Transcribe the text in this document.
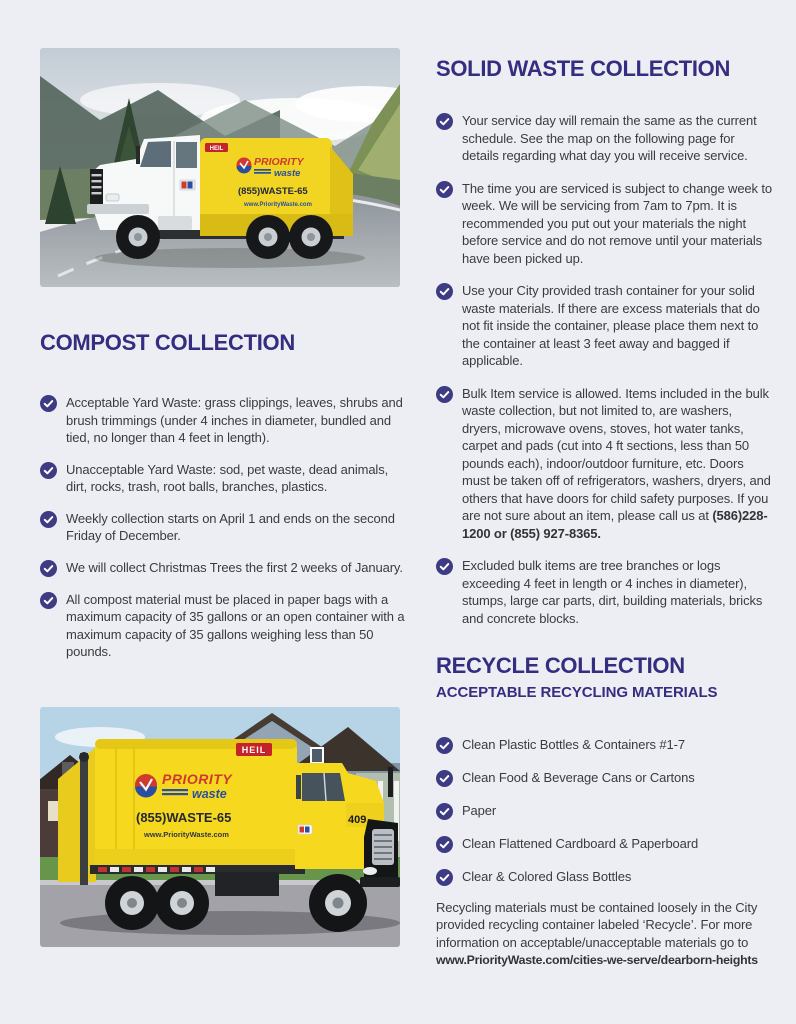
HEIL
PRIORITY
waste
(855)WASTE-65
www.PriorityWaste.com
COMPOST COLLECTION

Acceptable Yard Waste: grass clippings, leaves, shrubs and brush trimmings (under 4 inches in diameter, bundled and tied, no longer than 4 feet in length).

Unacceptable Yard Waste: sod, pet waste, dead animals, dirt, rocks, trash, root balls, branches, plastics.

Weekly collection starts on April 1 and ends on the second Friday of December.

We will collect Christmas Trees the first 2 weeks of January.

All compost material must be placed in paper bags with a maximum capacity of 35 gallons or an open container with a maximum capacity of 35 gallons weighing less than 50 pounds.

HEIL
PRIORITY
waste
(855)WASTE-65
www.PriorityWaste.com
409
SOLID WASTE COLLECTION

Your service day will remain the same as the current schedule. See the map on the following page for details regarding what day you will receive service.

The time you are serviced is subject to change week to week. We will be servicing from 7am to 7pm. It is recommended you put out your materials the night before service and do not remove until your materials have been picked up.

Use your City provided trash container for your solid waste materials. If there are excess materials that do not fit inside the container, please place them next to the container at least 3 feet away and bagged if applicable.

Bulk Item service is allowed. Items included in the bulk waste collection, but not limited to, are washers, dryers, microwave ovens, stoves, hot water tanks, carpet and pads (cut into 4 ft sections, less than 50 pounds each), indoor/outdoor furniture, etc. Doors must be taken off of refrigerators, washers, dryers, and others that have doors for child safety purposes. If you are not sure about an item, please call us at (586)228-1200 or (855) 927-8365.

Excluded bulk items are tree branches or logs exceeding 4 feet in length or 4 inches in diameter), stumps, large car parts, dirt, building materials, bricks and concrete blocks.

RECYCLE COLLECTION
ACCEPTABLE RECYCLING MATERIALS

Clean Plastic Bottles & Containers #1-7

Clean Food & Beverage Cans or Cartons

Paper

Clean Flattened Cardboard & Paperboard

Clear & Colored Glass Bottles

Recycling materials must be contained loosely in the City provided recycling container labeled ‘Recycle’. For more information on acceptable/unacceptable materials go to www.PriorityWaste.com/cities-we-serve/dearborn-heights
